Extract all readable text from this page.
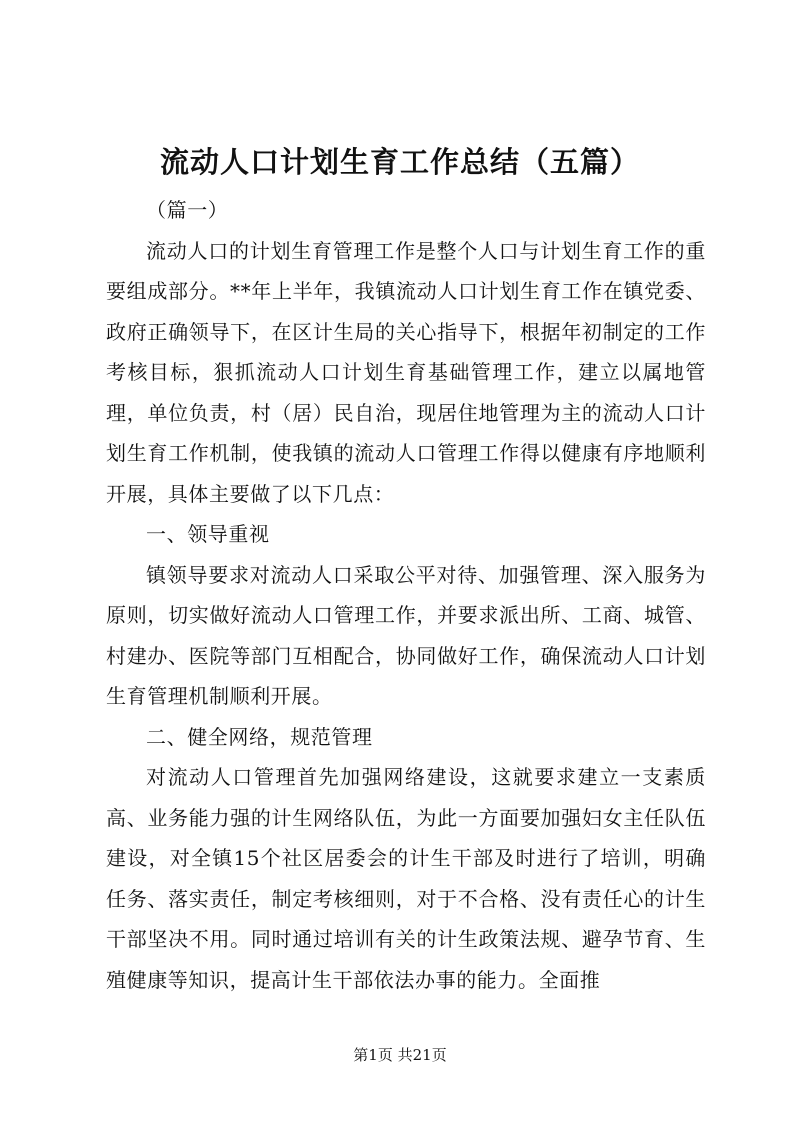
流动人口计划生育工作总结（五篇）

（篇一）

流动人口的计划生育管理工作是整个人口与计划生育工作的重要组成部分。**年上半年，我镇流动人口计划生育工作在镇党委、政府正确领导下，在区计生局的关心指导下，根据年初制定的工作考核目标，狠抓流动人口计划生育基础管理工作，建立以属地管理，单位负责，村（居）民自治，现居住地管理为主的流动人口计划生育工作机制，使我镇的流动人口管理工作得以健康有序地顺利开展，具体主要做了以下几点：

一、领导重视

镇领导要求对流动人口采取公平对待、加强管理、深入服务为原则，切实做好流动人口管理工作，并要求派出所、工商、城管、村建办、医院等部门互相配合，协同做好工作，确保流动人口计划生育管理机制顺利开展。

二、健全网络，规范管理

对流动人口管理首先加强网络建设，这就要求建立一支素质高、业务能力强的计生网络队伍，为此一方面要加强妇女主任队伍建设，对全镇15个社区居委会的计生干部及时进行了培训，明确任务、落实责任，制定考核细则，对于不合格、没有责任心的计生干部坚决不用。同时通过培训有关的计生政策法规、避孕节育、生殖健康等知识，提高计生干部依法办事的能力。全面推

第1页 共21页
